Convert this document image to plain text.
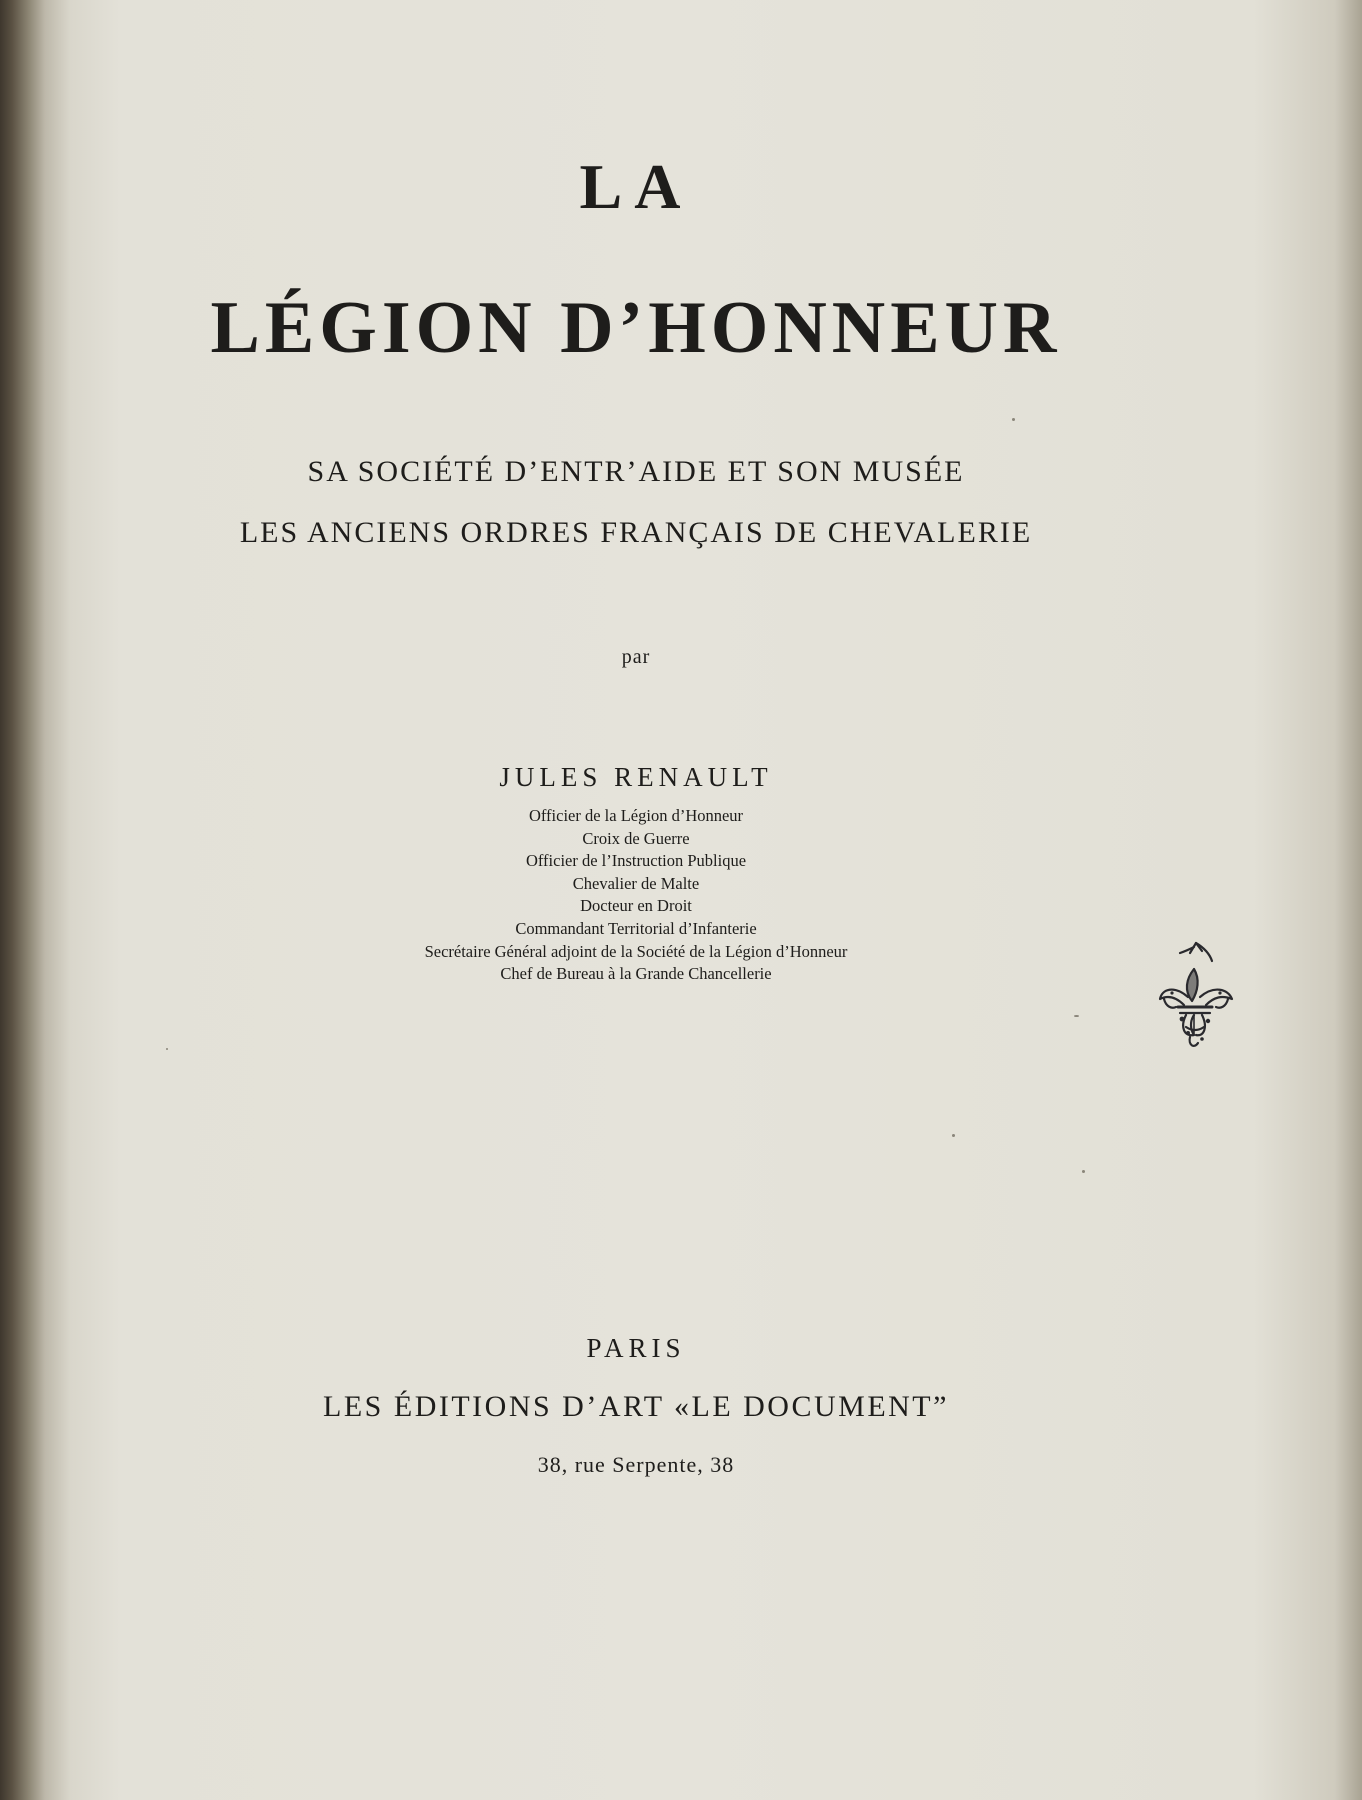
LA
LÉGION D’HONNEUR
SA SOCIÉTÉ D’ENTR’AIDE ET SON MUSÉE
LES ANCIENS ORDRES FRANÇAIS DE CHEVALERIE
par
JULES RENAULT
Officier de la Légion d’Honneur
Croix de Guerre
Officier de l’Instruction Publique
Chevalier de Malte
Docteur en Droit
Commandant Territorial d’Infanterie
Secrétaire Général adjoint de la Société de la Légion d’Honneur
Chef de Bureau à la Grande Chancellerie
PARIS
LES ÉDITIONS D’ART «LE DOCUMENT”
38, rue Serpente, 38
